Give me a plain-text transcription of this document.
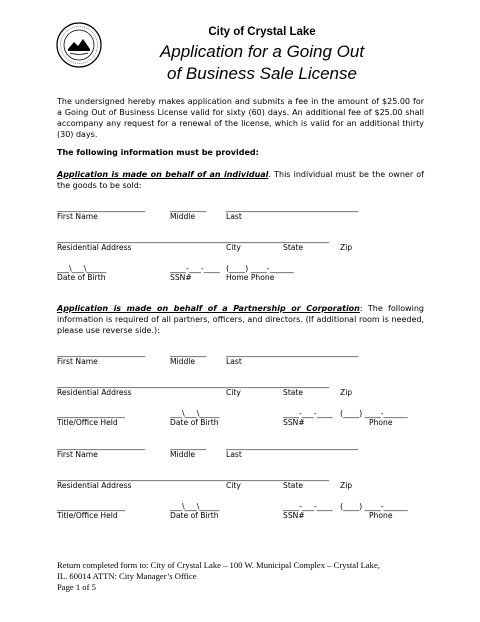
City of Crystal Lake
Application for a Going Out
of Business Sale License
The undersigned hereby makes application and submits a fee in the amount of $25.00 for a Going Out of Business License valid for sixty (60) days. An additional fee of $25.00 shall accompany any request for a renewal of the license, which is valid for an additional thirty (30) days.
The following information must be provided:
Application is made on behalf of an individual. This individual must be the owner of the goods to be sold:
______________________	_________	_________________________________
First Name	Middle	Last
____________________________________________________________________
Residential Address	City	State	Zip
___\___\_____	____-___-____ (____) ____-______
Date of Birth	SSN#	Home Phone
Application is made on behalf of a Partnership or Corporation: The following information is required of all partners, officers, and directors. (If additional room is needed, please use reverse side.):
______________________	_________	_________________________________
First Name	Middle	Last
____________________________________________________________________
Residential Address	City	State	Zip
_________________	___\___\_____	____-___-____ (____) ____-______
Title/Office Held	Date of Birth	SSN#	Phone
______________________	_________	_________________________________
First Name	Middle	Last
____________________________________________________________________
Residential Address	City	State	Zip
_________________	___\___\_____	____-___-____ (____) ____-______
Title/Office Held	Date of Birth	SSN#	Phone
Return completed form to: City of Crystal Lake – 100 W. Municipal Complex – Crystal Lake,
IL. 60014 ATTN: City Manager’s Office
Page 1 of 5
